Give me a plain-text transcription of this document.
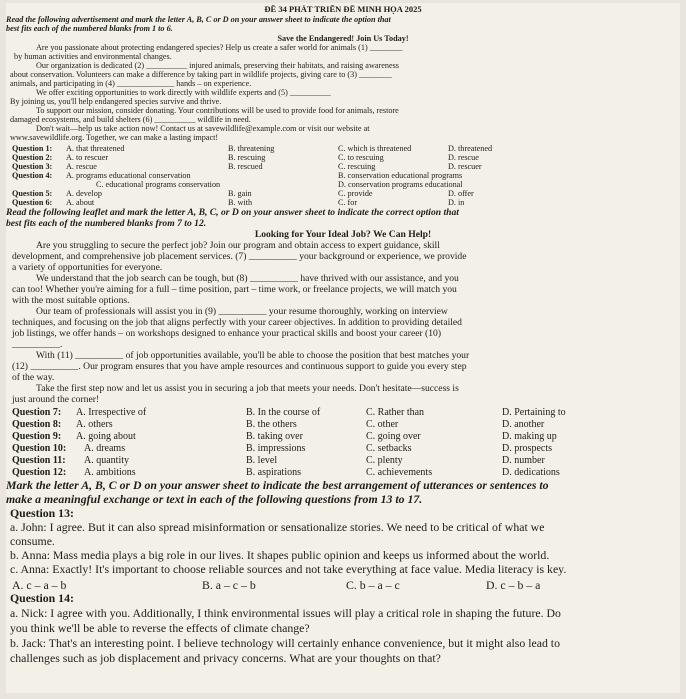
ĐỀ 34 PHÁT TRIỂN ĐỀ MINH HỌA 2025
Read the following advertisement and mark the letter A, B, C or D on your answer sheet to indicate the option that
best fits each of the numbered blanks from 1 to 6.
Save the Endangered! Join Us Today!
Are you passionate about protecting endangered species? Help us create a safer world for animals (1) ________
by human activities and environmental changes.
Our organization is dedicated (2) __________ injured animals, preserving their habitats, and raising awareness
about conservation. Volunteers can make a difference by taking part in wildlife projects, giving care to (3) ________
animals, and participating in (4) ______________ hands – on experience.
We offer exciting opportunities to work directly with wildlife experts and (5) __________
By joining us, you'll help endangered species survive and thrive.
To support our mission, consider donating. Your contributions will be used to provide food for animals, restore
damaged ecosystems, and build shelters (6) __________ wildlife in need.
Don't wait—help us take action now! Contact us at savewildlife@example.com or visit our website at
www.savewildlife.org. Together, we can make a lasting impact!
Question 1: A. that threatened	B. threatening	C. which is threatened	D. threatened
Question 2: A. to rescuer	B. rescuing	C. to rescuing	D. rescue
Question 3: A. rescue	B. rescued	C. rescuing	D. rescuer
Question 4: A. programs educational conservation	B. conservation educational programs
C. educational programs conservation	D. conservation programs educational
Question 5: A. develop	B. gain	C. provide	D. offer
Question 6: A. about	B. with	C. for	D. in
Read the following leaflet and mark the letter A, B, C, or D on your answer sheet to indicate the correct option that
best fits each of the numbered blanks from 7 to 12.
Looking for Your Ideal Job? We Can Help!
Are you struggling to secure the perfect job? Join our program and obtain access to expert guidance, skill
development, and comprehensive job placement services. (7) __________ your background or experience, we provide
a variety of opportunities for everyone.
We understand that the job search can be tough, but (8) __________ have thrived with our assistance, and you
can too! Whether you're aiming for a full – time position, part – time work, or freelance projects, we will match you
with the most suitable options.
Our team of professionals will assist you in (9) __________ your resume thoroughly, working on interview
techniques, and focusing on the job that aligns perfectly with your career objectives. In addition to providing detailed
job listings, we offer hands – on workshops designed to enhance your practical skills and boost your career (10)
__________.
With (11) __________ of job opportunities available, you'll be able to choose the position that best matches your
(12) __________. Our program ensures that you have ample resources and continuous support to guide you every step
of the way.
Take the first step now and let us assist you in securing a job that meets your needs. Don't hesitate—success is
just around the corner!
Question 7: A. Irrespective of	B. In the course of	C. Rather than	D. Pertaining to
Question 8: A. others	B. the others	C. other	D. another
Question 9: A. going about	B. taking over	C. going over	D. making up
Question 10: A. dreams	B. impressions	C. setbacks	D. prospects
Question 11: A. quantity	B. level	C. plenty	D. number
Question 12: A. ambitions	B. aspirations	C. achievements	D. dedications
Mark the letter A, B, C or D on your answer sheet to indicate the best arrangement of utterances or sentences to
make a meaningful exchange or text in each of the following questions from 13 to 17.
Question 13:
a. John: I agree. But it can also spread misinformation or sensationalize stories. We need to be critical of what we
consume.
b. Anna: Mass media plays a big role in our lives. It shapes public opinion and keeps us informed about the world.
c. Anna: Exactly! It's important to choose reliable sources and not take everything at face value. Media literacy is key.
A. c – a – b	B. a – c – b	C. b – a – c	D. c – b – a
Question 14:
a. Nick: I agree with you. Additionally, I think environmental issues will play a critical role in shaping the future. Do
you think we'll be able to reverse the effects of climate change?
b. Jack: That's an interesting point. I believe technology will certainly enhance convenience, but it might also lead to
challenges such as job displacement and privacy concerns. What are your thoughts on that?
